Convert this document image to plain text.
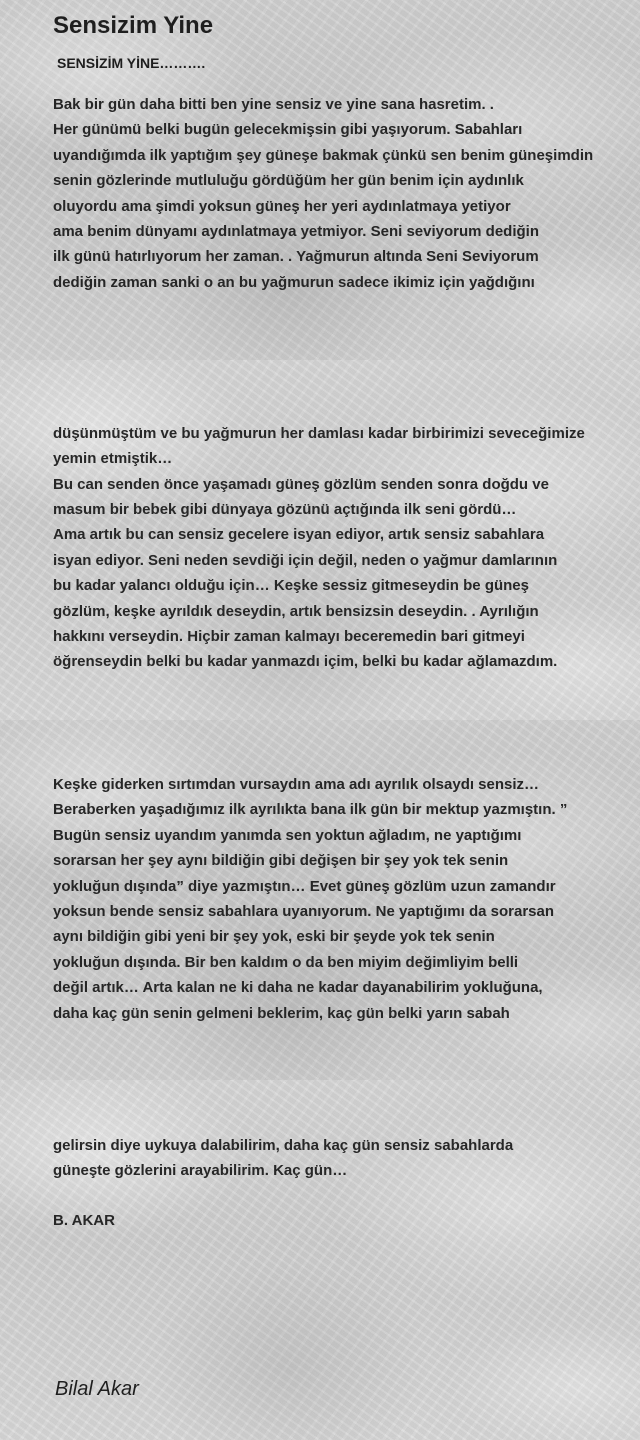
Sensizim Yine
SENSİZİM YİNE……….
Bak bir gün daha bitti ben yine sensiz ve yine sana hasretim. .
Her günümü belki bugün gelecekmişsin gibi yaşıyorum. Sabahları
uyandığımda ilk yaptığım şey güneşe bakmak çünkü sen benim güneşimdin
senin gözlerinde mutluluğu gördüğüm her gün benim için aydınlık
oluyordu ama şimdi yoksun güneş her yeri aydınlatmaya yetiyor
ama benim dünyamı aydınlatmaya yetmiyor. Seni seviyorum dediğin
ilk günü hatırlıyorum her zaman. . Yağmurun altında Seni Seviyorum
dediğin zaman sanki o an bu yağmurun sadece ikimiz için yağdığını
düşünmüştüm ve bu yağmurun her damlası kadar birbirimizi seveceğimize
yemin etmiştik…
Bu can senden önce yaşamadı güneş gözlüm senden sonra doğdu ve
masum bir bebek gibi dünyaya gözünü açtığında ilk seni gördü…
Ama artık bu can sensiz gecelere isyan ediyor, artık sensiz sabahlara
isyan ediyor. Seni neden sevdiği için değil, neden o yağmur damlarının
bu kadar yalancı olduğu için… Keşke sessiz gitmeseydin be güneş
gözlüm, keşke ayrıldık deseydin, artık bensizsin deseydin. . Ayrılığın
hakkını verseydin. Hiçbir zaman kalmayı beceremedin bari gitmeyi
öğrenseydin belki bu kadar yanmazdı içim, belki bu kadar ağlamazdım.
Keşke giderken sırtımdan vursaydın ama adı ayrılık olsaydı sensiz…
Beraberken yaşadığımız ilk ayrılıkta bana ilk gün bir mektup yazmıştın. ”
Bugün sensiz uyandım yanımda sen yoktun ağladım, ne yaptığımı
sorarsan her şey aynı bildiğin gibi değişen bir şey yok tek senin
yokluğun dışında” diye yazmıştın… Evet güneş gözlüm uzun zamandır
yoksun bende sensiz sabahlara uyanıyorum. Ne yaptığımı da sorarsan
aynı bildiğin gibi yeni bir şey yok, eski bir şeyde yok tek senin
yokluğun dışında. Bir ben kaldım o da ben miyim değimliyim belli
değil artık… Arta kalan ne ki daha ne kadar dayanabilirim yokluğuna,
daha kaç gün senin gelmeni beklerim, kaç gün belki yarın sabah
gelirsin diye uykuya dalabilirim, daha kaç gün sensiz sabahlarda
güneşte gözlerini arayabilirim. Kaç gün…
B. AKAR
Bilal Akar
